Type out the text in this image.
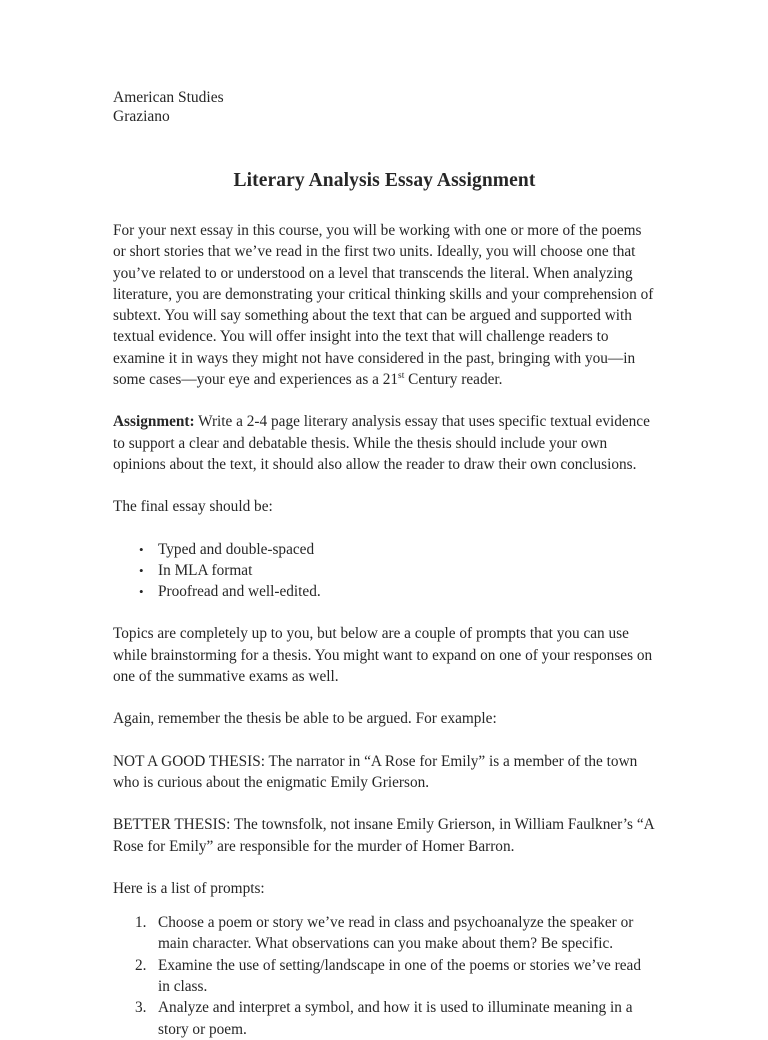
American Studies
Graziano
Literary Analysis Essay Assignment

For your next essay in this course, you will be working with one or more of the poems or short stories that we’ve read in the first two units. Ideally, you will choose one that you’ve related to or understood on a level that transcends the literal. When analyzing literature, you are demonstrating your critical thinking skills and your comprehension of subtext. You will say something about the text that can be argued and supported with textual evidence. You will offer insight into the text that will challenge readers to examine it in ways they might not have considered in the past, bringing with you—in some cases—your eye and experiences as a 21st Century reader.

Assignment: Write a 2-4 page literary analysis essay that uses specific textual evidence to support a clear and debatable thesis. While the thesis should include your own opinions about the text, it should also allow the reader to draw their own conclusions.

The final essay should be:

• Typed and double-spaced
• In MLA format
• Proofread and well-edited.

Topics are completely up to you, but below are a couple of prompts that you can use while brainstorming for a thesis. You might want to expand on one of your responses on one of the summative exams as well.

Again, remember the thesis be able to be argued. For example:

NOT A GOOD THESIS: The narrator in “A Rose for Emily” is a member of the town who is curious about the enigmatic Emily Grierson.

BETTER THESIS: The townsfolk, not insane Emily Grierson, in William Faulkner’s “A Rose for Emily” are responsible for the murder of Homer Barron.

Here is a list of prompts:

Choose a poem or story we’ve read in class and psychoanalyze the speaker or main character. What observations can you make about them? Be specific.
Examine the use of setting/landscape in one of the poems or stories we’ve read in class.
Analyze and interpret a symbol, and how it is used to illuminate meaning in a story or poem.
